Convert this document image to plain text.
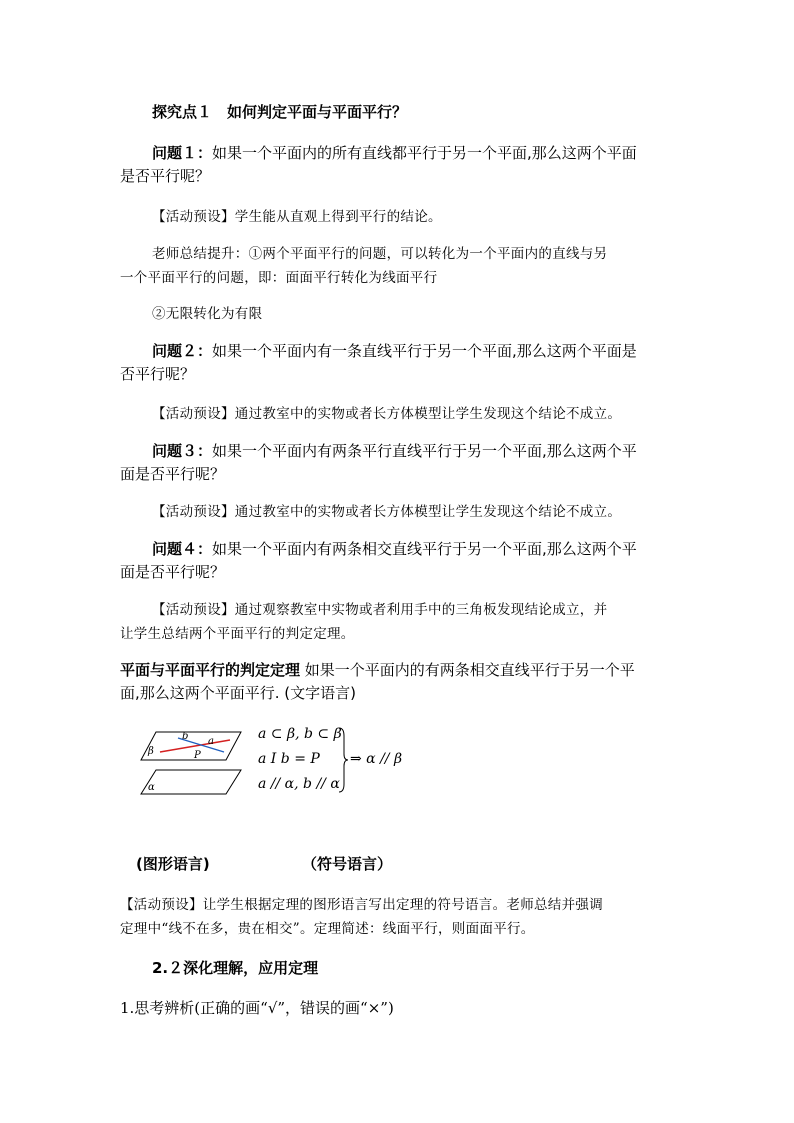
探究点１　如何判定平面与平面平行？
问题１：如果一个平面内的所有直线都平行于另一个平面,那么这两个平面
是否平行呢？
【活动预设】学生能从直观上得到平行的结论。
老师总结提升：①两个平面平行的问题，可以转化为一个平面内的直线与另
一个平面平行的问题，即：面面平行转化为线面平行
②无限转化为有限
问题２：如果一个平面内有一条直线平行于另一个平面,那么这两个平面是
否平行呢？
【活动预设】通过教室中的实物或者长方体模型让学生发现这个结论不成立。
问题３：如果一个平面内有两条平行直线平行于另一个平面,那么这两个平
面是否平行呢？
【活动预设】通过教室中的实物或者长方体模型让学生发现这个结论不成立。
问题４：如果一个平面内有两条相交直线平行于另一个平面,那么这两个平
面是否平行呢？
【活动预设】通过观察教室中实物或者利用手中的三角板发现结论成立，并
让学生总结两个平面平行的判定定理。
平面与平面平行的判定定理 如果一个平面内的有两条相交直线平行于另一个平
面,那么这两个平面平行. (文字语言)
b a
β	P
α
a ⊂ β, b ⊂ β
a I b = P
a // α, b // α
⇒ α // β
(图形语言)	（符号语言）
【活动预设】让学生根据定理的图形语言写出定理的符号语言。老师总结并强调
定理中“线不在多，贵在相交”。定理简述：线面平行，则面面平行。
2.２深化理解，应用定理
1.思考辨析(正确的画“√”，错误的画“×”)
